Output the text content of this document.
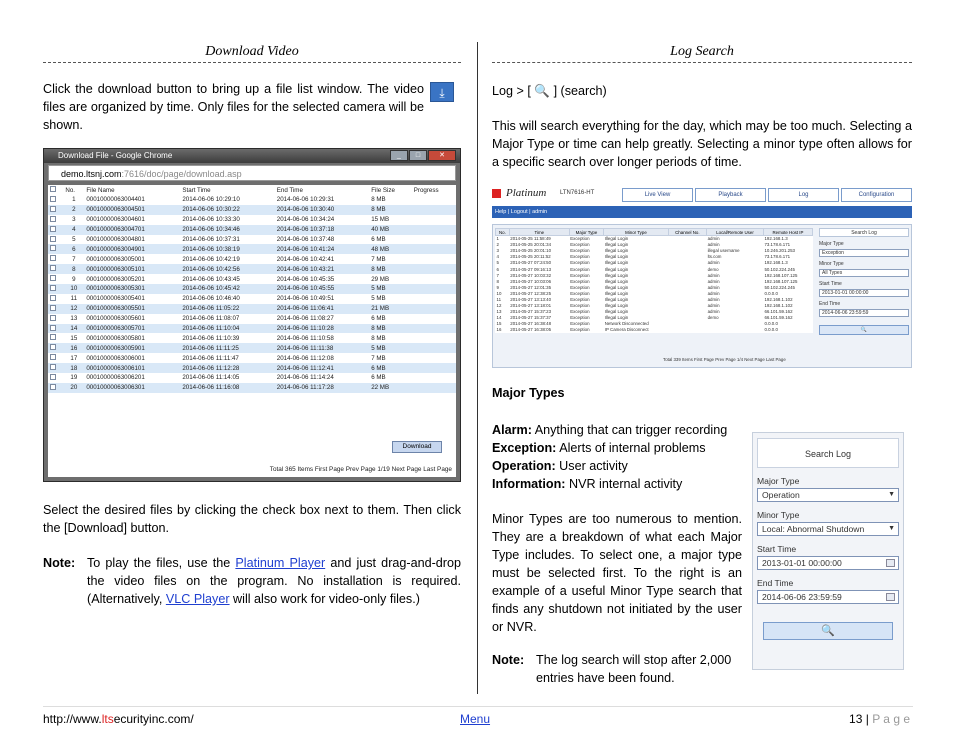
Download Video
Click the download button to bring up a file list window. The video files are organized by time. Only files for the selected camera will be shown.
⤓
Download File - Google Chrome	_	□	✕
demo.ltsnj.com:7616/doc/page/download.asp
	No.	File Name	Start Time	End Time	File Size	Progress
	1	00010000063004401	2014-06-06 10:29:10	2014-06-06 10:29:31	8 MB	
	2	00010000063004501	2014-06-06 10:30:22	2014-06-06 10:30:40	8 MB	
	3	00010000063004601	2014-06-06 10:33:30	2014-06-06 10:34:24	15 MB	
	4	00010000063004701	2014-06-06 10:34:46	2014-06-06 10:37:18	40 MB	
	5	00010000063004801	2014-06-06 10:37:31	2014-06-06 10:37:48	6 MB	
	6	00010000063004901	2014-06-06 10:38:19	2014-06-06 10:41:24	48 MB	
	7	00010000063005001	2014-06-06 10:42:19	2014-06-06 10:42:41	7 MB	
	8	00010000063005101	2014-06-06 10:42:56	2014-06-06 10:43:21	8 MB	
	9	00010000063005201	2014-06-06 10:43:45	2014-06-06 10:45:35	29 MB	
	10	00010000063005301	2014-06-06 10:45:42	2014-06-06 10:45:55	5 MB	
	11	00010000063005401	2014-06-06 10:46:40	2014-06-06 10:49:51	5 MB	
	12	00010000063005501	2014-06-06 11:05:22	2014-06-06 11:06:41	21 MB	
	13	00010000063005601	2014-06-06 11:08:07	2014-06-06 11:08:27	6 MB	
	14	00010000063005701	2014-06-06 11:10:04	2014-06-06 11:10:28	8 MB	
	15	00010000063005801	2014-06-06 11:10:39	2014-06-06 11:10:58	8 MB	
	16	00010000063005901	2014-06-06 11:11:25	2014-06-06 11:11:38	5 MB	
	17	00010000063006001	2014-06-06 11:11:47	2014-06-06 11:12:08	7 MB	
	18	00010000063006101	2014-06-06 11:12:28	2014-06-06 11:12:41	6 MB	
	19	00010000063006201	2014-06-06 11:14:05	2014-06-06 11:14:24	6 MB	
	20	00010000063006301	2014-06-06 11:16:08	2014-06-06 11:17:28	22 MB	
Download
Total 365 Items First Page Prev Page 1/19 Next Page Last Page
Select the desired files by clicking the check box next to them. Then click the [Download] button.
Note: To play the files, use the Platinum Player and just drag-and-drop the video files on the program. No installation is required. (Alternatively, VLC Player will also work for video-only files.)
Log Search
Log > [ 🔍 ] (search)
This will search everything for the day, which may be too much. Selecting a Major Type or time can help greatly. Selecting a minor type often allows for a specific search over longer periods of time.
Platinum LTN7616-HT	Live View	Playback	Log	Configuration
Help | Logout | admin
No.	Time	Major Type	Minor Type	Channel No.	Local/Remote User	Remote Host IP
1	2014-05-25 11:58:49	Exception	Illegal Login		admin	192.168.1.3
2	2014-05-25 20:01:34	Exception	Illegal Login		admin	73.178.6.171
3	2014-05-25 20:01:10	Exception	Illegal Login		illegal username	10.246.201.253
4	2014-05-25 20:11:52	Exception	Illegal Login		lts.com	73.178.6.171
5	2014-05-27 07:24:50	Exception	Illegal Login		admin	192.168.1.3
6	2014-05-27 09:16:13	Exception	Illegal Login		demo	50.102.224.245
7	2014-05-27 10:03:32	Exception	Illegal Login		admin	192.168.107.125
8	2014-05-27 10:03:06	Exception	Illegal Login		admin	192.168.107.125
9	2014-05-27 12:01:35	Exception	Illegal Login		admin	50.102.224.245
10	2014-05-27 12:38:25	Exception	Illegal Login		admin	0.0.0.0
11	2014-05-27 13:13:40	Exception	Illegal Login		admin	192.168.1.102
12	2014-05-27 13:18:01	Exception	Illegal Login		admin	192.168.1.102
13	2014-05-27 15:37:23	Exception	Illegal Login		admin	66.101.59.162
14	2014-05-27 15:37:37	Exception	Illegal Login		demo	66.101.59.162
15	2014-05-27 16:38:48	Exception	Network Disconnected			0.0.0.0
16	2014-05-27 16:38:05	Exception	IP Camera Disconnect			0.0.0.0
Total 339 Items First Page Prev Page 1/4 Next Page Last Page
Search Log
Major Type
Exception
Minor Type
All Types
Start Time
2013-01-01 00:00:00
End Time
2014-06-06 23:59:59
🔍
Major Types
Alarm: Anything that can trigger recording
Exception: Alerts of internal problems
Operation: User activity
Information: NVR internal activity
Minor Types are too numerous to mention. They are a breakdown of what each Major Type includes. To select one, a major type must be selected first. To the right is an example of a useful Minor Type search that finds any shutdown not initiated by the user or NVR.
Note: The log search will stop after 2,000 entries have been found.
Search Log
Major Type
Operation	▼
Minor Type
Local: Abnormal Shutdown	▼
Start Time
2013-01-01 00:00:00
End Time
2014-06-06 23:59:59
🔍
http://www.ltsecurityinc.com/	Menu	13 | P a g e
